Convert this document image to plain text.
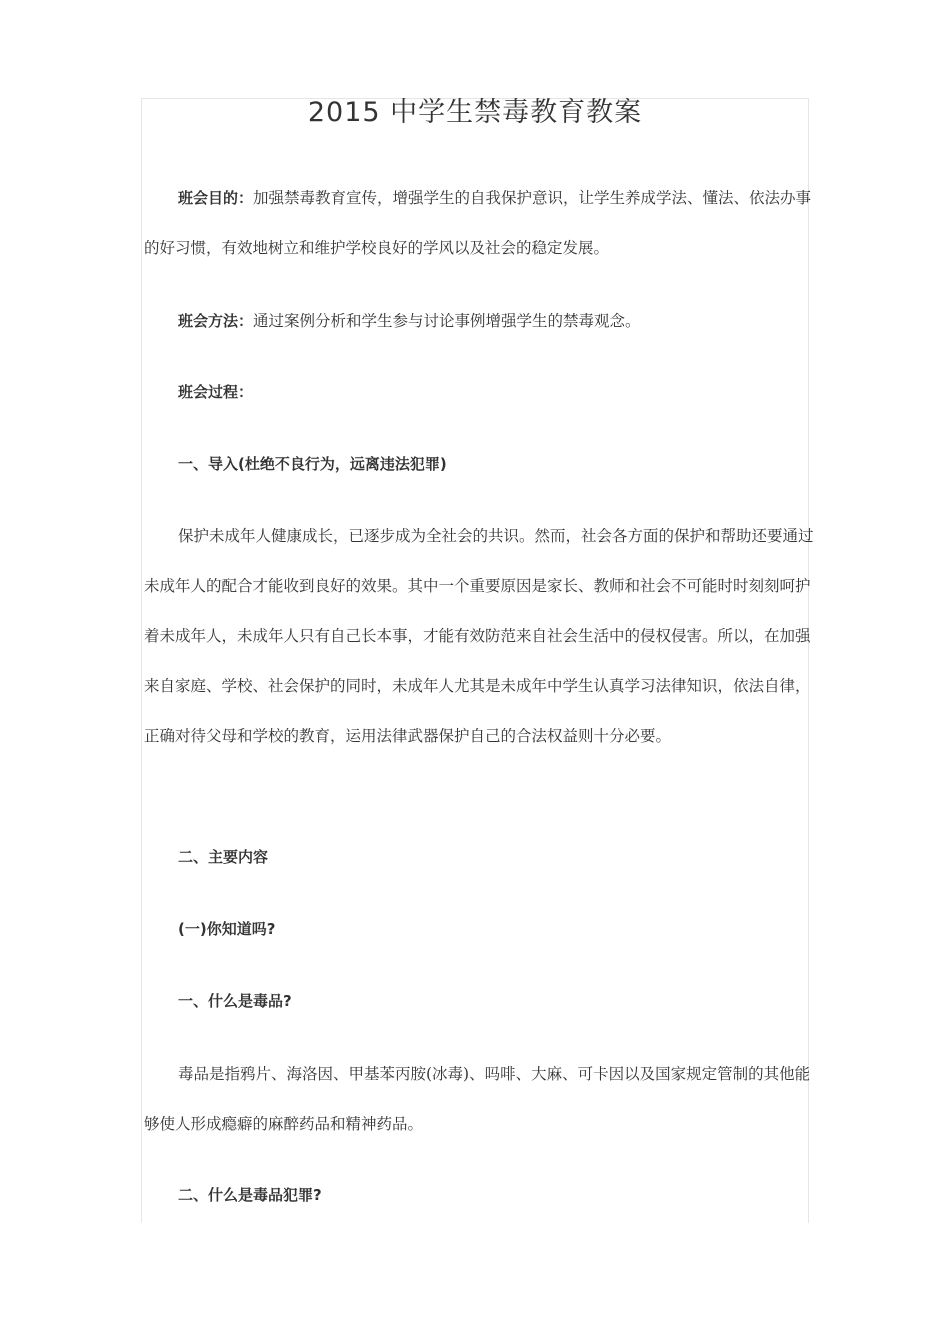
2015 中学生禁毒教育教案

班会目的：加强禁毒教育宣传，增强学生的自我保护意识，让学生养成学法、懂法、依法办事的好习惯，有效地树立和维护学校良好的学风以及社会的稳定发展。

班会方法：通过案例分析和学生参与讨论事例增强学生的禁毒观念。

班会过程：

一、导入(杜绝不良行为，远离违法犯罪)

保护未成年人健康成长，已逐步成为全社会的共识。然而，社会各方面的保护和帮助还要通过未成年人的配合才能收到良好的效果。其中一个重要原因是家长、教师和社会不可能时时刻刻呵护着未成年人，未成年人只有自己长本事，才能有效防范来自社会生活中的侵权侵害。所以，在加强来自家庭、学校、社会保护的同时，未成年人尤其是未成年中学生认真学习法律知识，依法自律，正确对待父母和学校的教育，运用法律武器保护自己的合法权益则十分必要。

二、主要内容

(一)你知道吗?

一、什么是毒品?

毒品是指鸦片、海洛因、甲基苯丙胺(冰毒)、吗啡、大麻、可卡因以及国家规定管制的其他能够使人形成瘾癖的麻醉药品和精神药品。

二、什么是毒品犯罪?
